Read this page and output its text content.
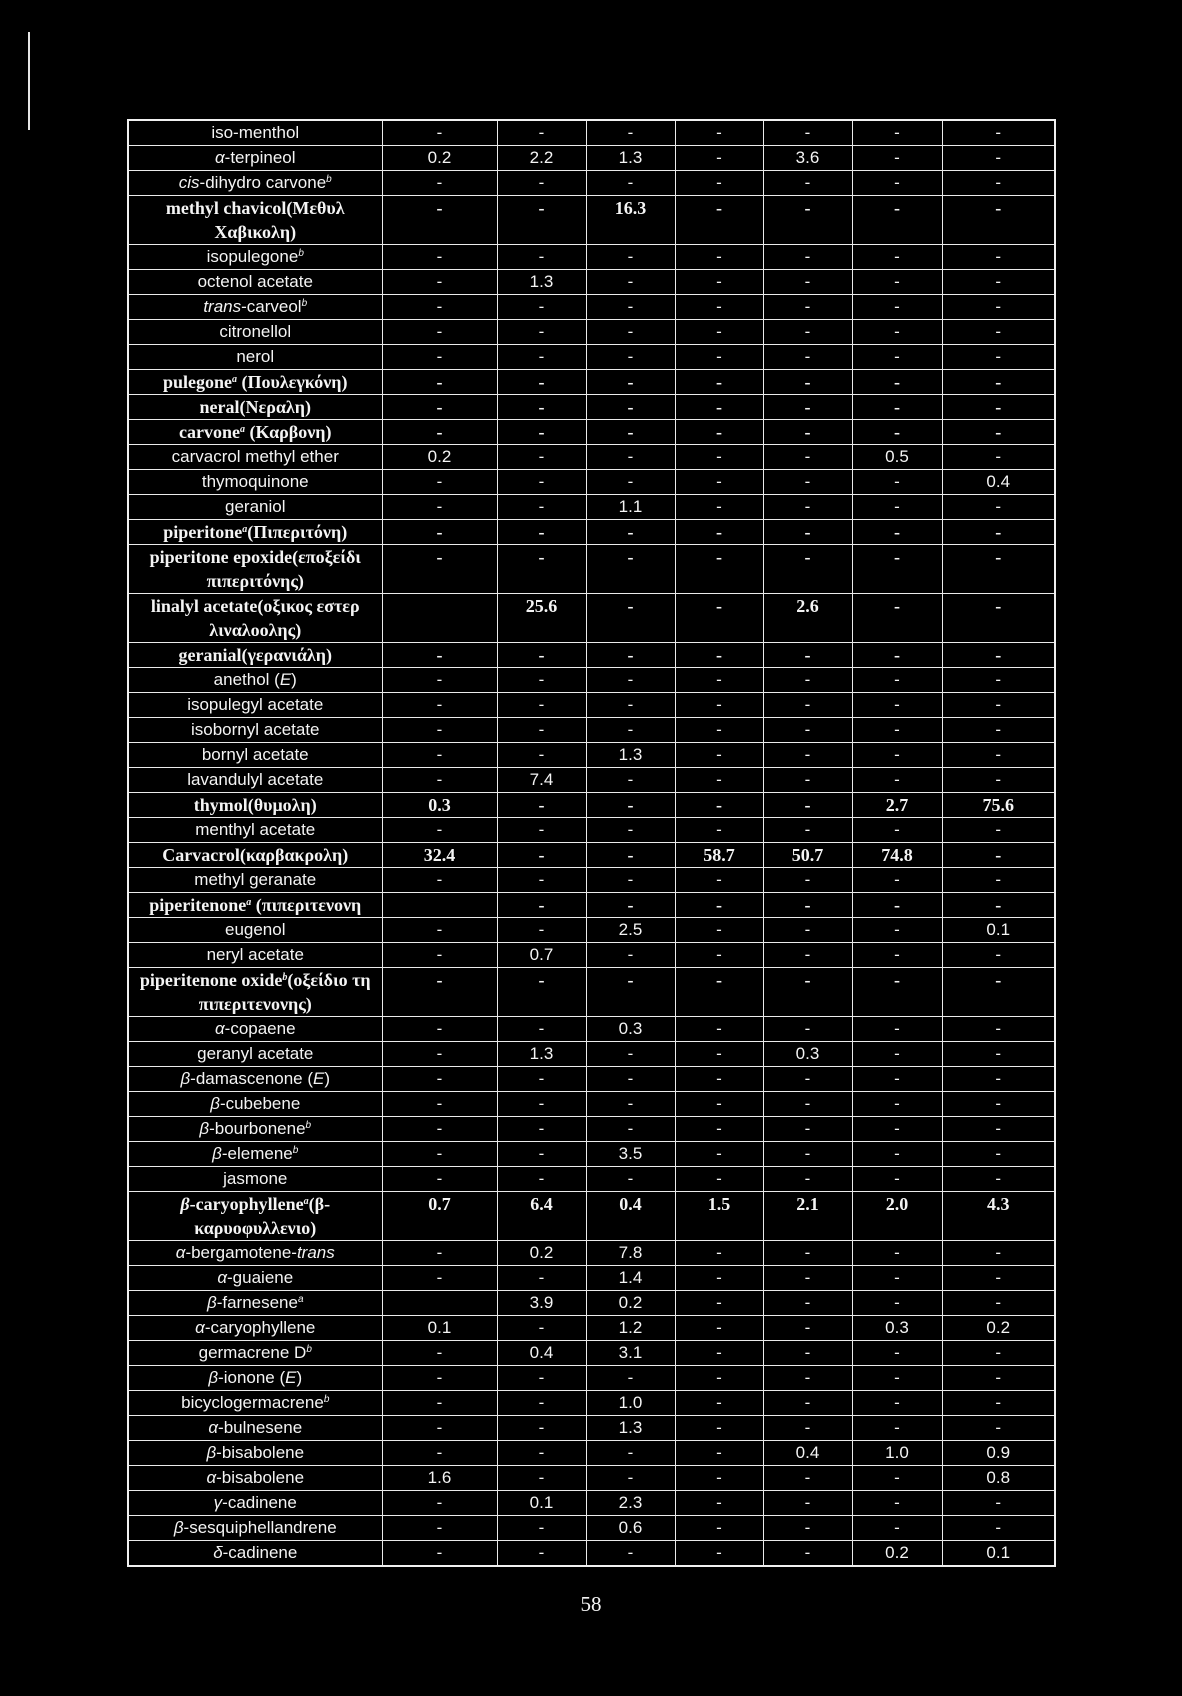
iso-menthol	-	-	-	-	-	-	-

α-terpineol	0.2	2.2	1.3	-	3.6	-	-

cis-dihydro carvone$^b$	-	-	-	-	-	-	-

methyl chavicol(Μεθυλ
Χαβικολη)	-	-	16.3	-	-	-	-

isopulegone$^b$	-	-	-	-	-	-	-

octenol acetate	-	1.3	-	-	-	-	-

trans-carveol$^b$	-	-	-	-	-	-	-

citronellol	-	-	-	-	-	-	-

nerol	-	-	-	-	-	-	-

pulegone$^a$ (Πουλεγκόνη)	-	-	-	-	-	-	-

neral(Νεραλη)	-	-	-	-	-	-	-

carvone$^a$ (Καρβονη)	-	-	-	-	-	-	-

carvacrol methyl ether	0.2	-	-	-	-	0.5	-

thymoquinone	-	-	-	-	-	-	0.4

geraniol	-	-	1.1	-	-	-	-

piperitone$^a$(Πιπεριτόνη)	-	-	-	-	-	-	-

piperitone epoxide(εποξείδι
πιπεριτόνης)	-	-	-	-	-	-	-

linalyl acetate(οξικος εστερ
λιναλοολης)		25.6	-	-	2.6	-	-

geranial(γερανιάλη)	-	-	-	-	-	-	-

anethol (E)	-	-	-	-	-	-	-

isopulegyl acetate	-	-	-	-	-	-	-

isobornyl acetate	-	-	-	-	-	-	-

bornyl acetate	-	-	1.3	-	-	-	-

lavandulyl acetate	-	7.4	-	-	-	-	-

thymol(θυμολη)	0.3	-	-	-	-	2.7	75.6

menthyl acetate	-	-	-	-	-	-	-

Carvacrol(καρβακρολη)	32.4	-	-	58.7	50.7	74.8	-

methyl geranate	-	-	-	-	-	-	-

piperitenone$^a$ (πιπεριτενονη		-	-	-	-	-	-

eugenol	-	-	2.5	-	-	-	0.1

neryl acetate	-	0.7	-	-	-	-	-

piperitenone oxide$^b$(οξείδιο τη
πιπεριτενονης)	-	-	-	-	-	-	-

α-copaene	-	-	0.3	-	-	-	-

geranyl acetate	-	1.3	-	-	0.3	-	-

β-damascenone (E)	-	-	-	-	-	-	-

β-cubebene	-	-	-	-	-	-	-

β-bourbonene$^b$	-	-	-	-	-	-	-

β-elemene$^b$	-	-	3.5	-	-	-	-

jasmone	-	-	-	-	-	-	-

β-caryophyllene$^a$(β-
καρυοφυλλενιο)	0.7	6.4	0.4	1.5	2.1	2.0	4.3

α-bergamotene-trans	-	0.2	7.8	-	-	-	-

α-guaiene	-	-	1.4	-	-	-	-

β-farnesene$^a$		3.9	0.2	-	-	-	-

α-caryophyllene	0.1	-	1.2	-	-	0.3	0.2

germacrene $D^b$	-	0.4	3.1	-	-	-	-

β-ionone (E)	-	-	-	-	-	-	-

bicyclogermacrene$^b$	-	-	1.0	-	-	-	-

α-bulnesene	-	-	1.3	-	-	-	-

β-bisabolene	-	-	-	-	0.4	1.0	0.9

α-bisabolene	1.6	-	-	-	-	-	0.8

γ-cadinene	-	0.1	2.3	-	-	-	-

β-sesquiphellandrene	-	-	0.6	-	-	-	-

δ-cadinene	-	-	-	-	-	0.2	0.1
58
